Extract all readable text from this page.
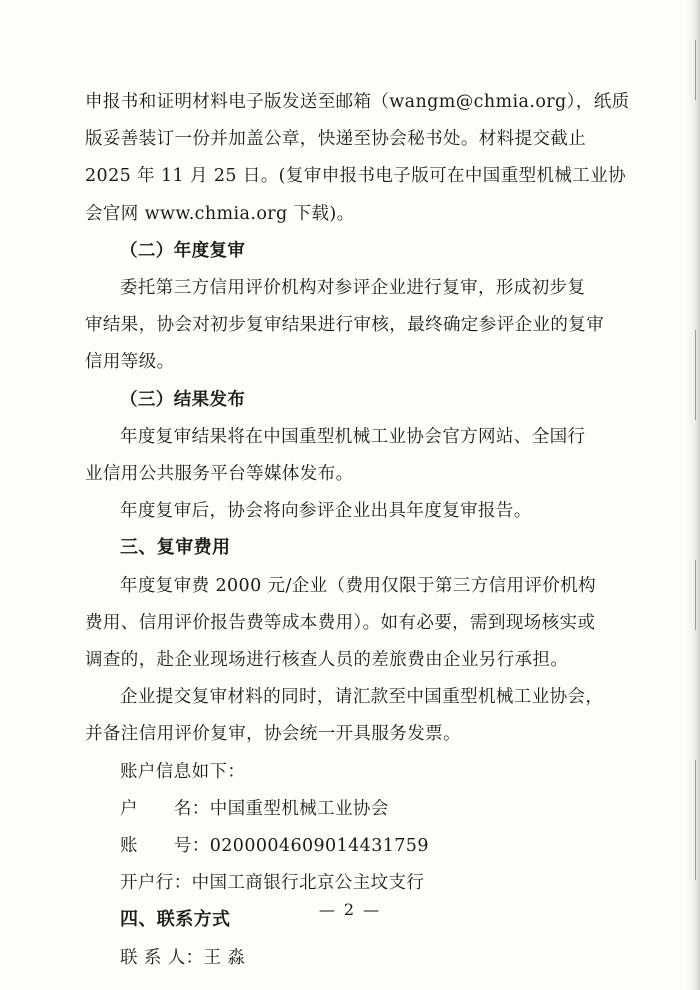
申报书和证明材料电子版发送至邮箱（wangm@chmia.org），纸质
版妥善装订一份并加盖公章，快递至协会秘书处。材料提交截止
2025 年 11 月 25 日。(复审申报书电子版可在中国重型机械工业协
会官网 www.chmia.org 下载)。
（二）年度复审
委托第三方信用评价机构对参评企业进行复审，形成初步复
审结果，协会对初步复审结果进行审核，最终确定参评企业的复审
信用等级。
（三）结果发布
年度复审结果将在中国重型机械工业协会官方网站、全国行
业信用公共服务平台等媒体发布。
年度复审后，协会将向参评企业出具年度复审报告。
三、复审费用
年度复审费 2000 元/企业（费用仅限于第三方信用评价机构
费用、信用评价报告费等成本费用）。如有必要，需到现场核实或
调查的，赴企业现场进行核查人员的差旅费由企业另行承担。
企业提交复审材料的同时，请汇款至中国重型机械工业协会，
并备注信用评价复审，协会统一开具服务发票。
账户信息如下：
户 名：中国重型机械工业协会
账 号：0200004609014431759
开户行：中国工商银行北京公主坟支行
四、联系方式
联 系 人：王 淼
— 2 —
